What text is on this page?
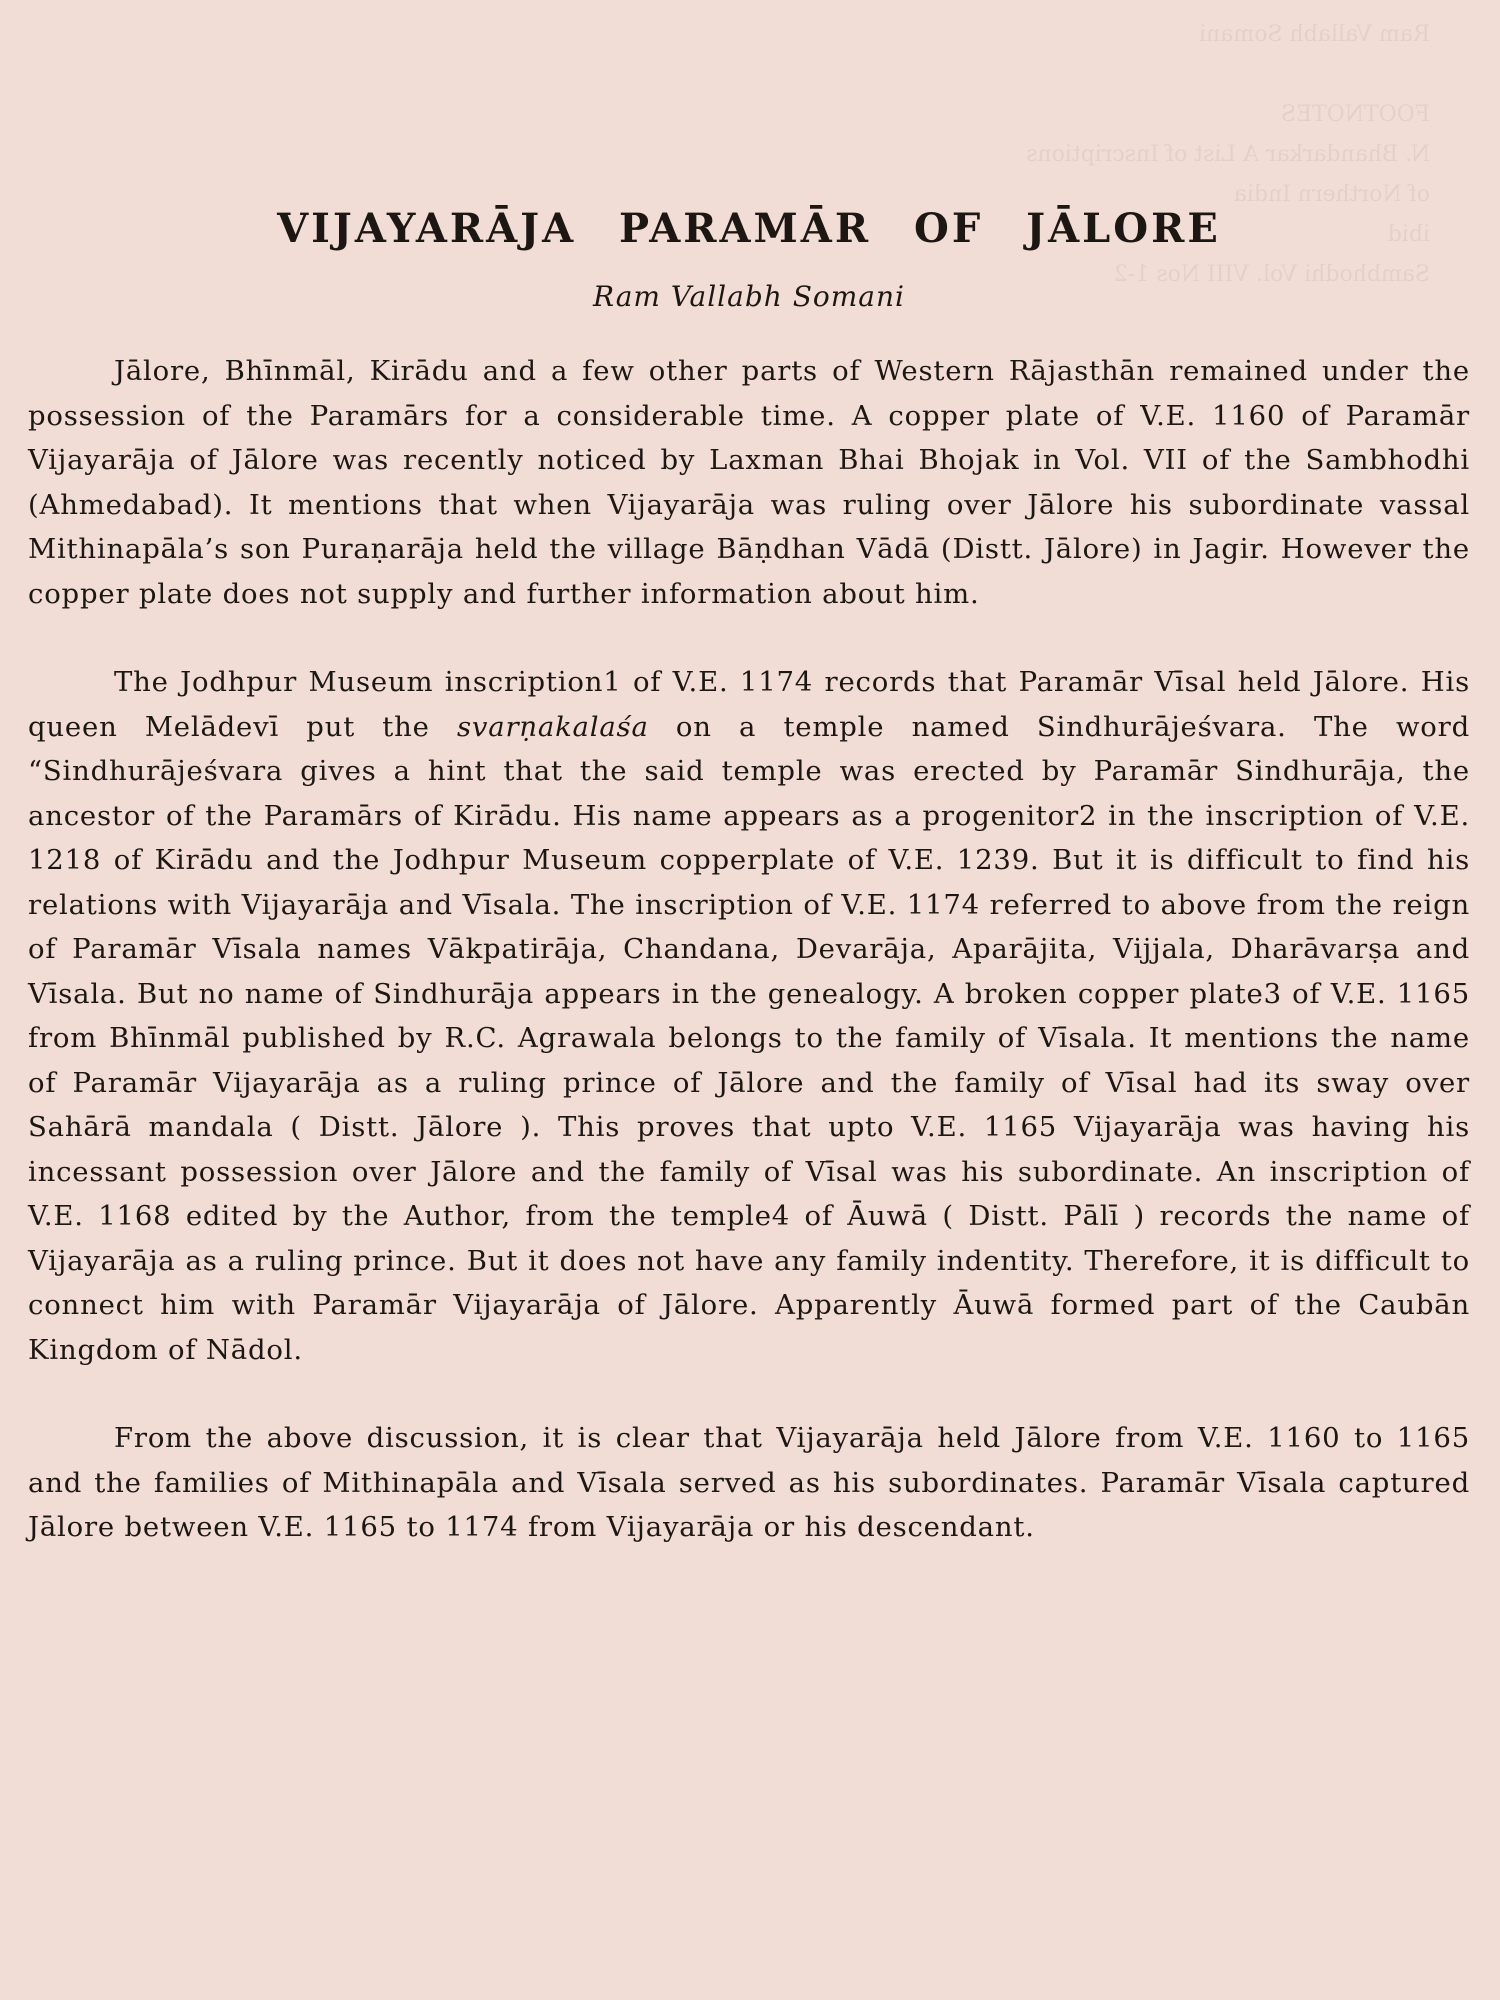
Ram Vallabh Somani
FOOTNOTES
N. Bhandarkar A List of Inscriptions
of Northern India
ibid
Sambhodhi Vol. VIII Nos 1-2
VIJAYARĀJA PARAMĀR OF JĀLORE

Ram Vallabh Somani

Jālore, Bhīnmāl, Kirādu and a few other parts of Western Rājasthān remained under the possession of the Paramārs for a considerable time. A copper plate of V.E. 1160 of Paramār Vijayarāja of Jālore was recently noticed by Laxman Bhai Bhojak in Vol. VII of the Sambhodhi (Ahmedabad). It mentions that when Vijayarāja was ruling over Jālore his subordinate vassal Mithinapāla’s son Puraṇarāja held the village Bāṇdhan Vādā (Distt. Jālore) in Jagir. However the copper plate does not supply and further information about him.

The Jodhpur Museum inscription1 of V.E. 1174 records that Paramār Vīsal held Jālore. His queen Melādevī put the svarṇakalaśa on a temple named Sindhurājeśvara. The word “Sindhurājeśvara gives a hint that the said temple was erected by Paramār Sindhurāja, the ancestor of the Paramārs of Kirādu. His name appears as a progenitor2 in the inscription of V.E. 1218 of Kirādu and the Jodhpur Museum copperplate of V.E. 1239. But it is difficult to find his relations with Vijayarāja and Vīsala. The inscription of V.E. 1174 referred to above from the reign of Paramār Vīsala names Vākpatirāja, Chandana, Devarāja, Aparājita, Vijjala, Dharāvarṣa and Vīsala. But no name of Sindhurāja appears in the genealogy. A broken copper plate3 of V.E. 1165 from Bhīnmāl published by R.C. Agrawala belongs to the family of Vīsala. It mentions the name of Paramār Vijayarāja as a ruling prince of Jālore and the family of Vīsal had its sway over Sahārā mandala ( Distt. Jālore ). This proves that upto V.E. 1165 Vijayarāja was having his incessant possession over Jālore and the family of Vīsal was his subordinate. An inscription of V.E. 1168 edited by the Author, from the temple4 of Āuwā ( Distt. Pālī ) records the name of Vijayarāja as a ruling prince. But it does not have any family indentity. Therefore, it is difficult to connect him with Paramār Vijayarāja of Jālore. Apparently Āuwā formed part of the Caubān Kingdom of Nādol.

From the above discussion, it is clear that Vijayarāja held Jālore from V.E. 1160 to 1165 and the families of Mithinapāla and Vīsala served as his subordinates. Paramār Vīsala captured Jālore between V.E. 1165 to 1174 from Vijayarāja or his descendant.
